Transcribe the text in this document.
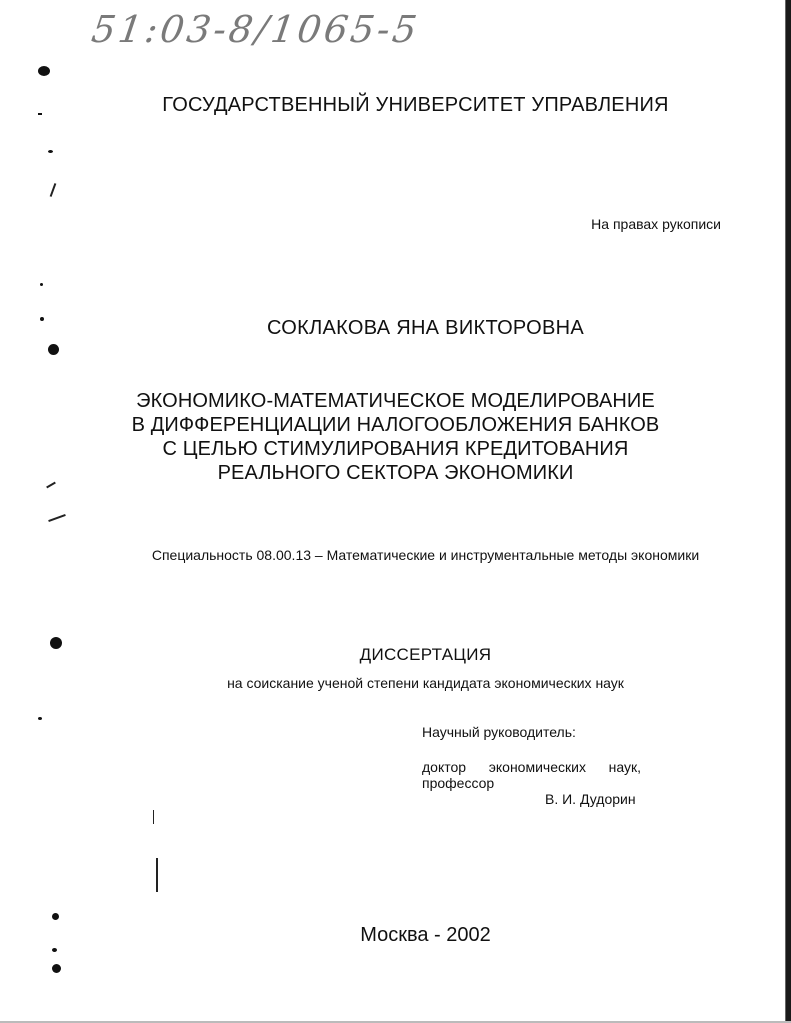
51:03-8/1065-5
ГОСУДАРСТВЕННЫЙ УНИВЕРСИТЕТ УПРАВЛЕНИЯ
На правах рукописи
СОКЛАКОВА ЯНА ВИКТОРОВНА
ЭКОНОМИКО-МАТЕМАТИЧЕСКОЕ МОДЕЛИРОВАНИЕ
В ДИФФЕРЕНЦИАЦИИ НАЛОГООБЛОЖЕНИЯ БАНКОВ
С ЦЕЛЬЮ СТИМУЛИРОВАНИЯ КРЕДИТОВАНИЯ
РЕАЛЬНОГО СЕКТОРА ЭКОНОМИКИ
Специальность 08.00.13 – Математические и инструментальные методы экономики
ДИССЕРТАЦИЯ
на соискание ученой степени кандидата экономических наук
Научный руководитель:
доктор экономических наук,
профессор
В. И. Дудорин
Москва - 2002
